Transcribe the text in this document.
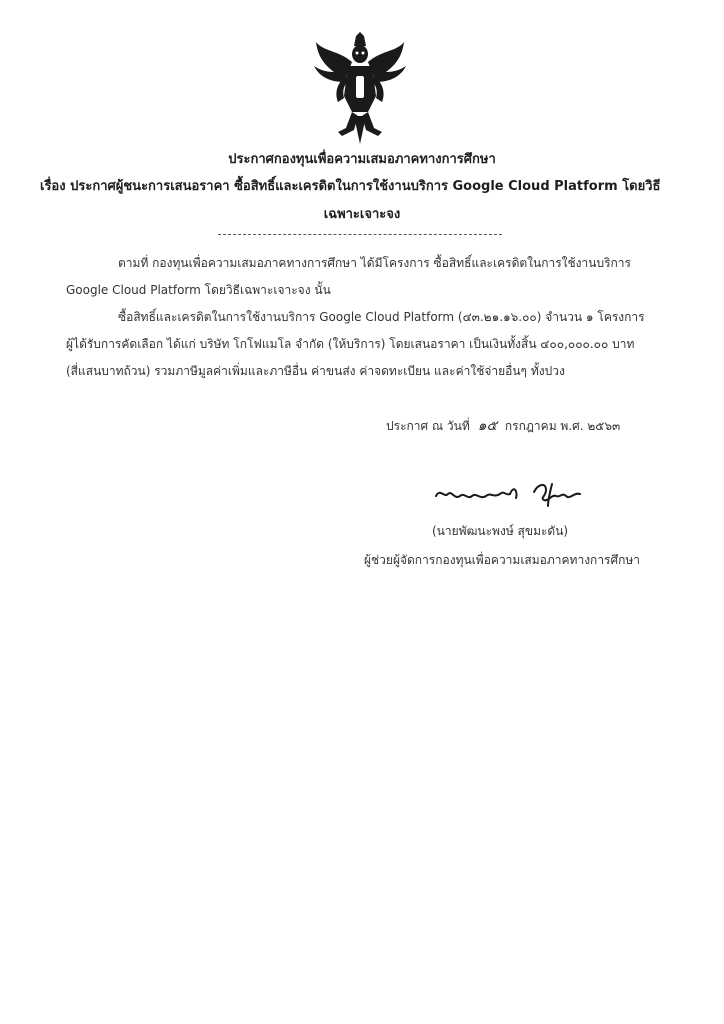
ประกาศกองทุนเพื่อความเสมอภาคทางการศึกษา
เรื่อง ประกาศผู้ชนะการเสนอราคา ซื้อสิทธิ์และเครดิตในการใช้งานบริการ Google Cloud Platform โดยวิธี
เฉพาะเจาะจง
ตามที่ กองทุนเพื่อความเสมอภาคทางการศึกษา ได้มีโครงการ ซื้อสิทธิ์และเครดิตในการใช้งานบริการ
Google Cloud Platform โดยวิธีเฉพาะเจาะจง นั้น
ซื้อสิทธิ์และเครดิตในการใช้งานบริการ Google Cloud Platform (๔๓.๒๑.๑๖.๐๐) จำนวน ๑ โครงการ
ผู้ได้รับการคัดเลือก ได้แก่ บริษัท โกโฟแมโล จำกัด (ให้บริการ) โดยเสนอราคา เป็นเงินทั้งสิ้น ๔๐๐,๐๐๐.๐๐ บาท
(สี่แสนบาทถ้วน) รวมภาษีมูลค่าเพิ่มและภาษีอื่น ค่าขนส่ง ค่าจดทะเบียน และค่าใช้จ่ายอื่นๆ ทั้งปวง
ประกาศ ณ วันที่ ๑๕ กรกฎาคม พ.ศ. ๒๕๖๓
(นายพัฒนะพงษ์ สุขมะดัน)
ผู้ช่วยผู้จัดการกองทุนเพื่อความเสมอภาคทางการศึกษา
